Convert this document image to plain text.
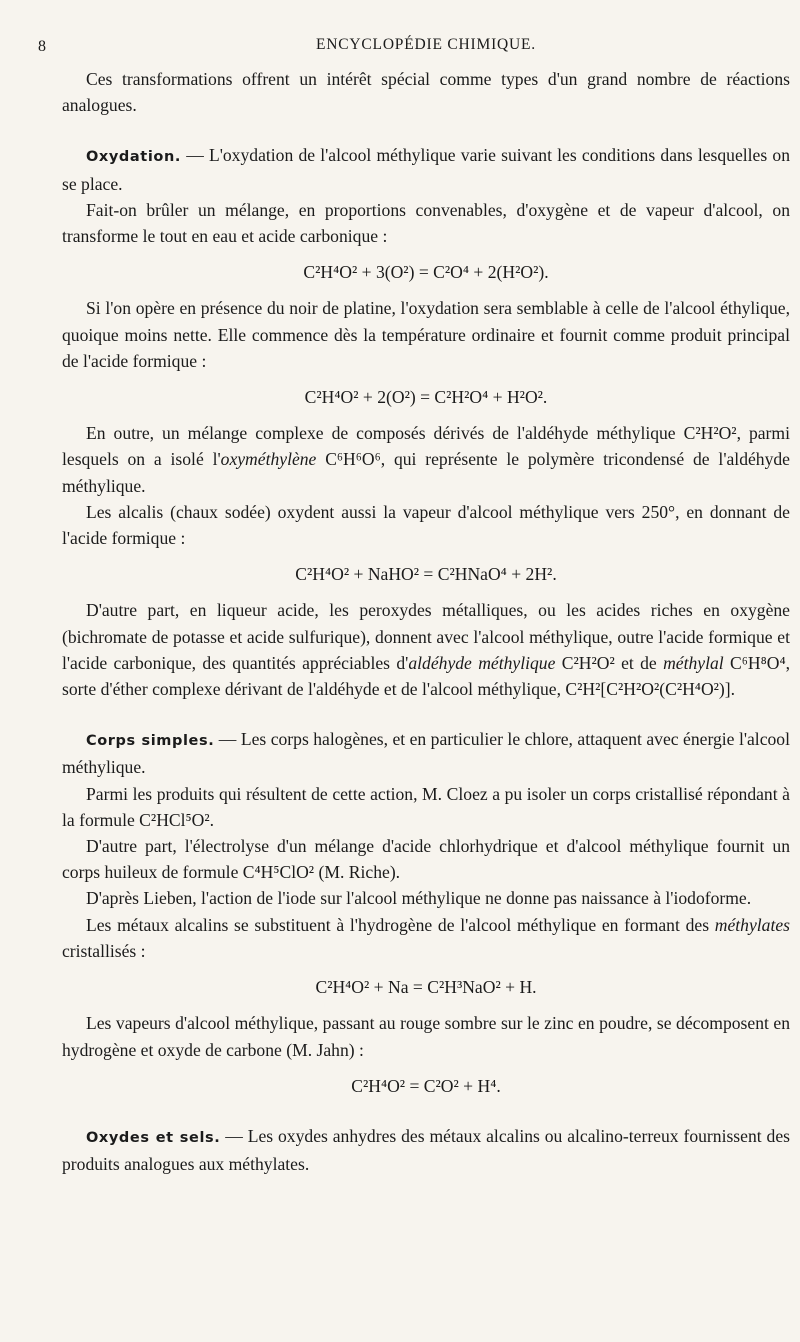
8	ENCYCLOPÉDIE CHIMIQUE.

Ces transformations offrent un intérêt spécial comme types d'un grand nombre de réactions analogues.

Oxydation. — L'oxydation de l'alcool méthylique varie suivant les conditions dans lesquelles on se place.

Fait-on brûler un mélange, en proportions convenables, d'oxygène et de vapeur d'alcool, on transforme le tout en eau et acide carbonique :

C²H⁴O² + 3(O²) = C²O⁴ + 2(H²O²).

Si l'on opère en présence du noir de platine, l'oxydation sera semblable à celle de l'alcool éthylique, quoique moins nette. Elle commence dès la température ordinaire et fournit comme produit principal de l'acide formique :

C²H⁴O² + 2(O²) = C²H²O⁴ + H²O².

En outre, un mélange complexe de composés dérivés de l'aldéhyde méthylique C²H²O², parmi lesquels on a isolé l'oxyméthylène C⁶H⁶O⁶, qui représente le polymère tricondensé de l'aldéhyde méthylique.

Les alcalis (chaux sodée) oxydent aussi la vapeur d'alcool méthylique vers 250°, en donnant de l'acide formique :

C²H⁴O² + NaHO² = C²HNaO⁴ + 2H².

D'autre part, en liqueur acide, les peroxydes métalliques, ou les acides riches en oxygène (bichromate de potasse et acide sulfurique), donnent avec l'alcool méthylique, outre l'acide formique et l'acide carbonique, des quantités appréciables d'aldéhyde méthylique C²H²O² et de méthylal C⁶H⁸O⁴, sorte d'éther complexe dérivant de l'aldéhyde et de l'alcool méthylique, C²H²[C²H²O²(C²H⁴O²)].

Corps simples. — Les corps halogènes, et en particulier le chlore, attaquent avec énergie l'alcool méthylique.

Parmi les produits qui résultent de cette action, M. Cloez a pu isoler un corps cristallisé répondant à la formule C²HCl⁵O².

D'autre part, l'électrolyse d'un mélange d'acide chlorhydrique et d'alcool méthylique fournit un corps huileux de formule C⁴H⁵ClO² (M. Riche).

D'après Lieben, l'action de l'iode sur l'alcool méthylique ne donne pas naissance à l'iodoforme.

Les métaux alcalins se substituent à l'hydrogène de l'alcool méthylique en formant des méthylates cristallisés :

C²H⁴O² + Na = C²H³NaO² + H.

Les vapeurs d'alcool méthylique, passant au rouge sombre sur le zinc en poudre, se décomposent en hydrogène et oxyde de carbone (M. Jahn) :

C²H⁴O² = C²O² + H⁴.

Oxydes et sels. — Les oxydes anhydres des métaux alcalins ou alcalino-terreux fournissent des produits analogues aux méthylates.
